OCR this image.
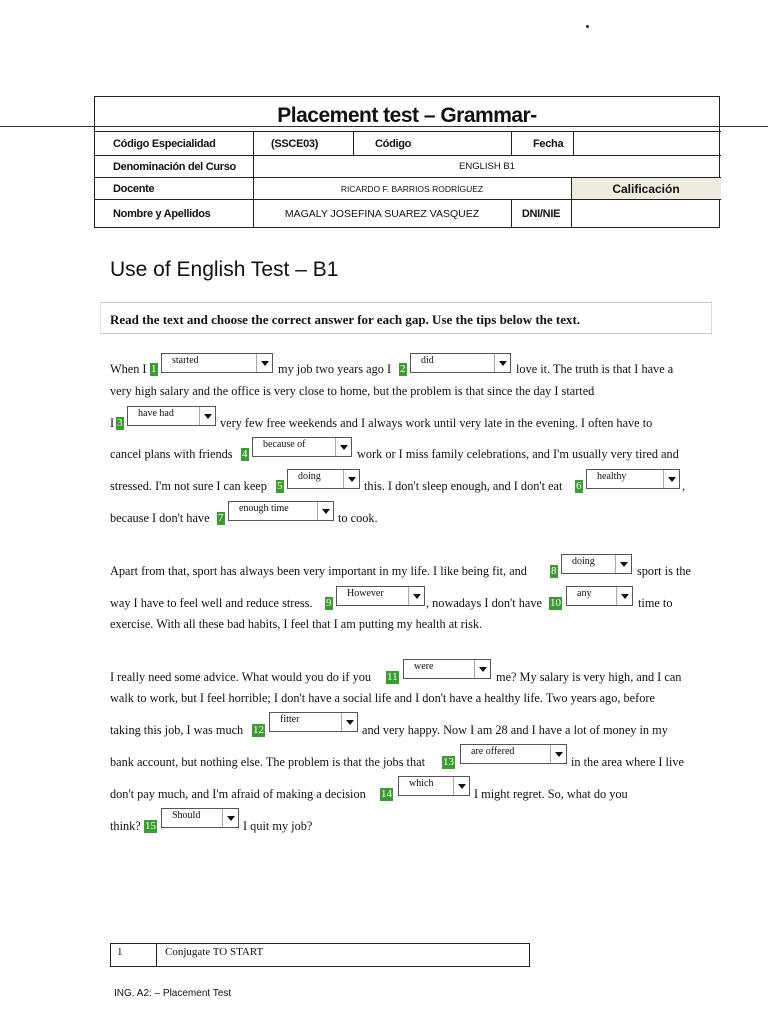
Placement test – Grammar-
Código Especialidad	(SSCE03)	Código	Fecha
Denominación del Curso	ENGLISH B1
Docente	RICARDO F. BARRIOS RODRÍGUEZ	Calificación
Nombre y Apellidos	MAGALY JOSEFINA SUAREZ VASQUEZ	DNI/NIE
Use of English Test – B1
Read the text and choose the correct answer for each gap. Use the tips below the text.
When I 1
started
my job two years ago I 2
did
love it. The truth is that I have a
very high salary and the office is very close to home, but the problem is that since the day I started
I 3
have had
very few free weekends and I always work until very late in the evening. I often have to
cancel plans with friends 4
because of
work or I miss family celebrations, and I'm usually very tired and
stressed. I'm not sure I can keep 5
doing
this. I don't sleep enough, and I don't eat 6
healthy
,
because I don't have 7
enough time
to cook.
Apart from that, sport has always been very important in my life. I like being fit, and 8
doing
sport is the
way I have to feel well and reduce stress. 9
However
, nowadays I don't have 10
any
time to
exercise. With all these bad habits, I feel that I am putting my health at risk.
I really need some advice. What would you do if you 11
were
me? My salary is very high, and I can
walk to work, but I feel horrible; I don't have a social life and I don't have a healthy life. Two years ago, before
taking this job, I was much 12
fitter
and very happy. Now I am 28 and I have a lot of money in my
bank account, but nothing else. The problem is that the jobs that 13
are offered
in the area where I live
don't pay much, and I'm afraid of making a decision 14
which
I might regret. So, what do you
think? 15
Should
I quit my job?
1	Conjugate TO START
ING. A2: – Placement Test
